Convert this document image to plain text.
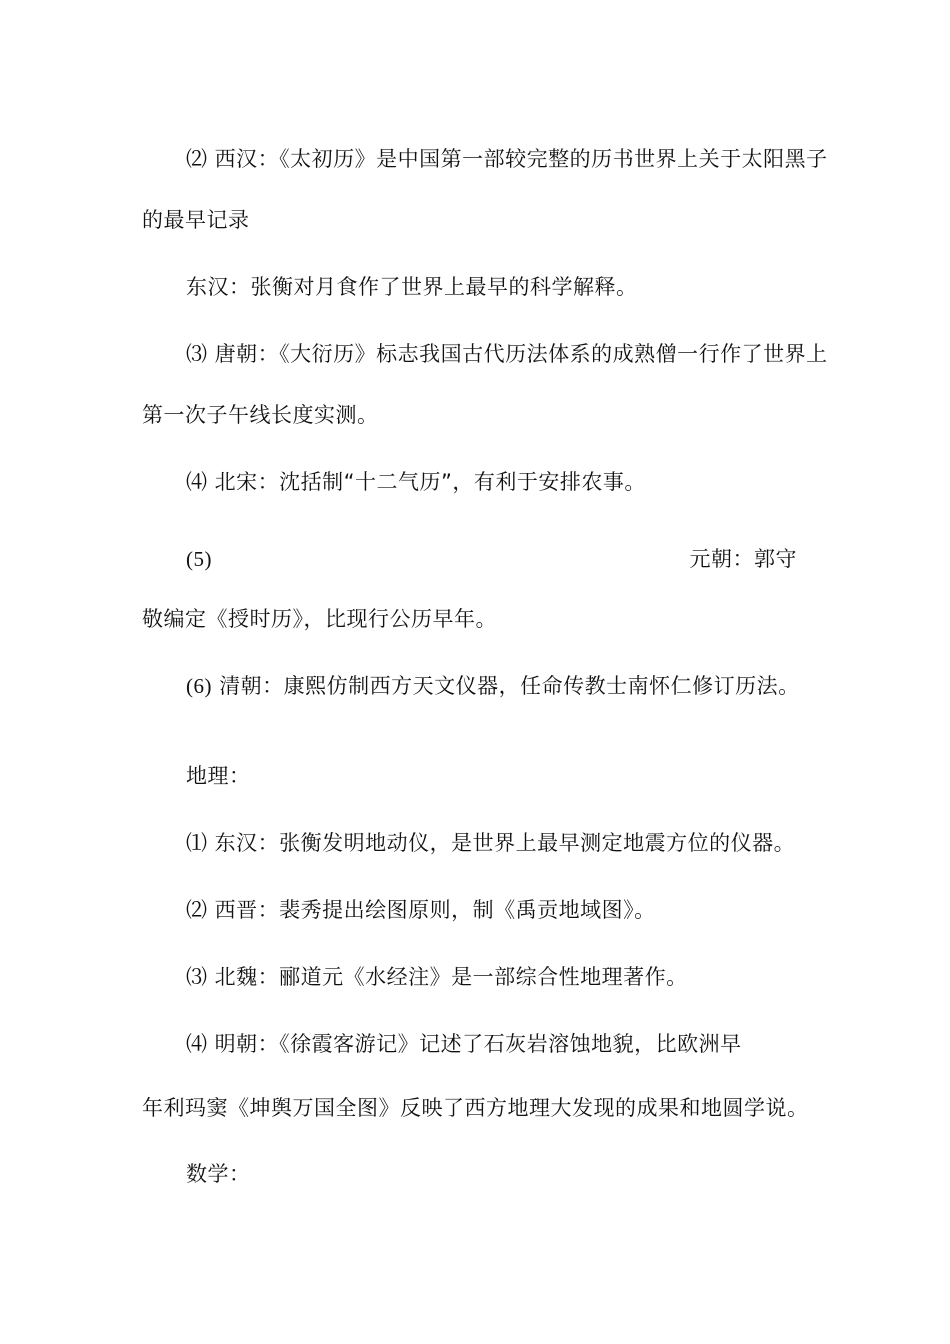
⑵ 西汉：《太初历》是中国第一部较完整的历书世界上关于太阳黑子
的最早记录
东汉：张衡对月食作了世界上最早的科学解释。
⑶ 唐朝：《大衍历》标志我国古代历法体系的成熟僧一行作了世界上
第一次子午线长度实测。
⑷ 北宋：沈括制“十二气历”，有利于安排农事。
(5)	元朝：郭守
敬编定《授时历》，比现行公历早年。
(6) 清朝：康熙仿制西方天文仪器，任命传教士南怀仁修订历法。
地理：
⑴ 东汉：张衡发明地动仪，是世界上最早测定地震方位的仪器。
⑵ 西晋：裴秀提出绘图原则，制《禹贡地域图》。
⑶ 北魏：郦道元《水经注》是一部综合性地理著作。
⑷ 明朝：《徐霞客游记》记述了石灰岩溶蚀地貌，比欧洲早
年利玛窦《坤舆万国全图》反映了西方地理大发现的成果和地圆学说。
数学：
